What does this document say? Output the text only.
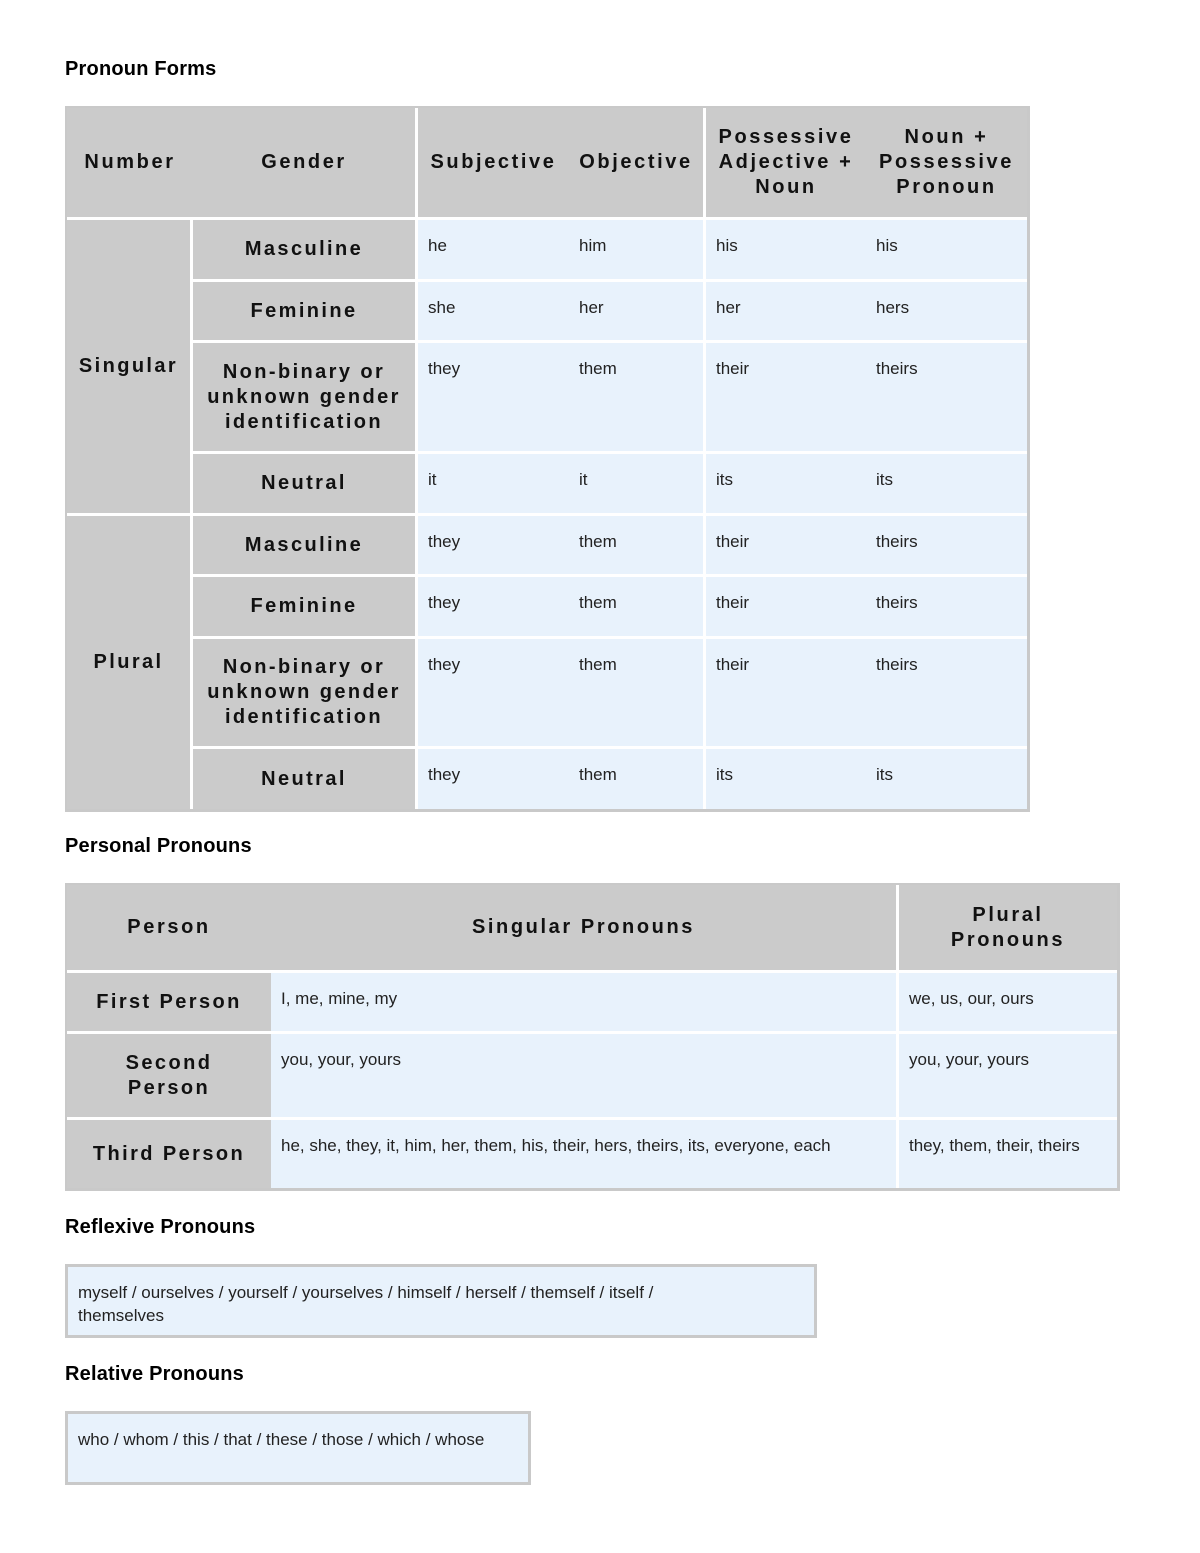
Pronoun Forms
Number	Gender	Subjective	Objective	Possessive Adjective + Noun	Noun + Possessive Pronoun
Singular	Masculine	he	him	his	his
	Feminine	she	her	her	hers
	Non-binary or unknown gender identification	they	them	their	theirs
	Neutral	it	it	its	its
Plural	Masculine	they	them	their	theirs
	Feminine	they	them	their	theirs
	Non-binary or unknown gender identification	they	them	their	theirs
	Neutral	they	them	its	its
Personal Pronouns
Person	Singular Pronouns	Plural Pronouns
First Person	I, me, mine, my	we, us, our, ours
Second Person	you, your, yours	you, your, yours
Third Person	he, she, they, it, him, her, them, his, their, hers, theirs, its, everyone, each	they, them, their, theirs
Reflexive Pronouns
myself / ourselves / yourself / yourselves / himself / herself / themself / itself / themselves
Relative Pronouns
who / whom / this / that / these / those / which / whose
